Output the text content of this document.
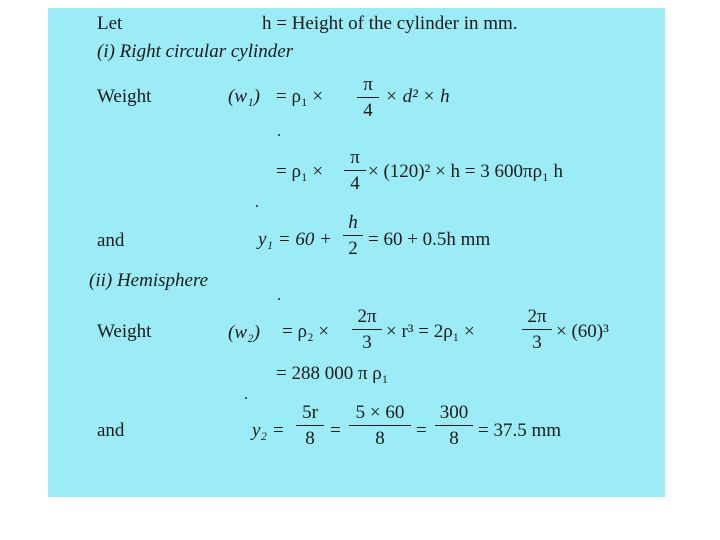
Let	h = Height of the cylinder in mm.
(i) Right circular cylinder
Weight	(w₁) = ρ₁ ×
π
4
× d² × h
= ρ₁ ×
π
4
× (120)² × h = 3 600πρ₁ h
and	y₁ = 60 +
h
2 = 60 + 0.5h mm
(ii) Hemisphere
Weight	(w₂) = ρ₂ ×
2π
3
× r³ = 2ρ₁ ×
2π
3
× (60)³
= 288 000 π ρ₁
and	y₂ =
5r
8 =
5 × 60
8	=
300
8	= 37.5 mm
